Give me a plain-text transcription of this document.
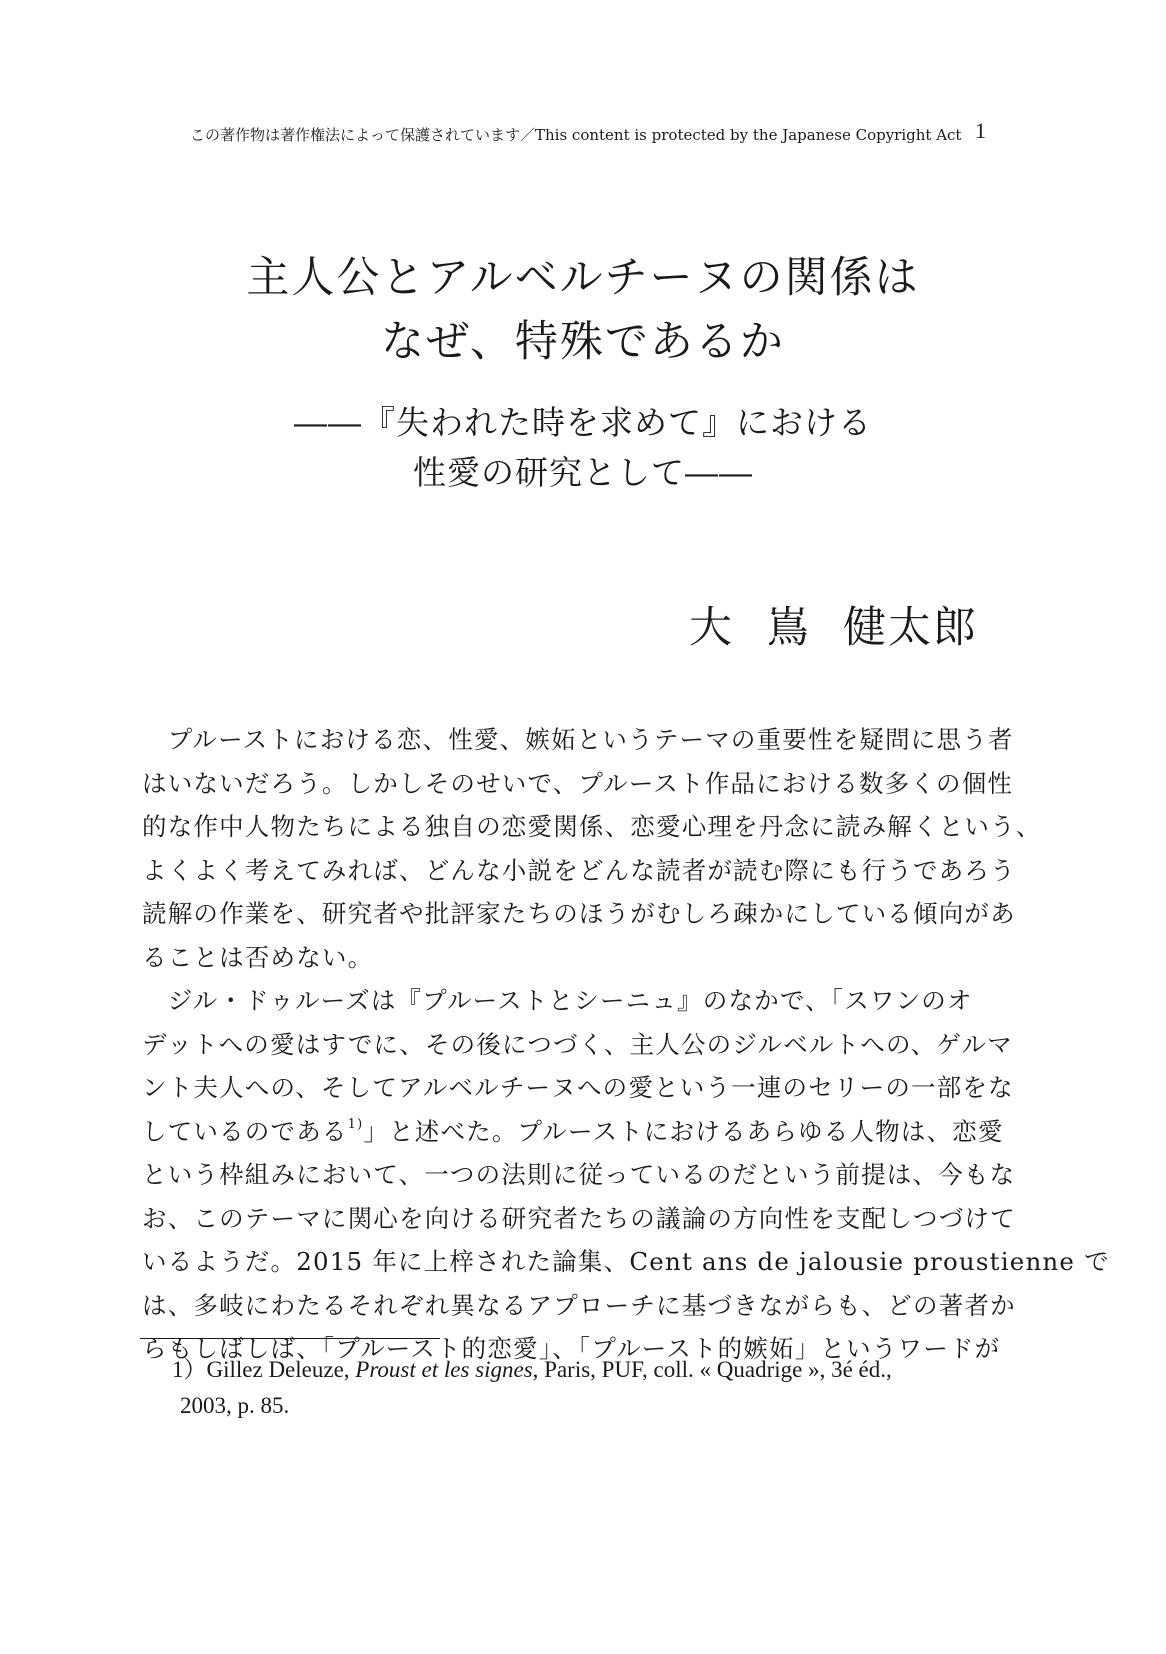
この著作物は著作権法によって保護されています／This content is protected by the Japanese Copyright Act 1
主人公とアルベルチーヌの関係は
なぜ、特殊であるか
――『失われた時を求めて』における
性愛の研究として――
大 嶌 健太郎
　プルーストにおける恋、性愛、嫉妬というテーマの重要性を疑問に思う者
はいないだろう。しかしそのせいで、プルースト作品における数多くの個性
的な作中人物たちによる独自の恋愛関係、恋愛心理を丹念に読み解くという、
よくよく考えてみれば、どんな小説をどんな読者が読む際にも行うであろう
読解の作業を、研究者や批評家たちのほうがむしろ疎かにしている傾向があ
ることは否めない。
　ジル・ドゥルーズは『プルーストとシーニュ』のなかで、「スワンのオ
デットへの愛はすでに、その後につづく、主人公のジルベルトへの、ゲルマ
ント夫人への、そしてアルベルチーヌへの愛という一連のセリーの一部をな
しているのである$^{1)}$」と述べた。プルーストにおけるあらゆる人物は、恋愛
という枠組みにおいて、一つの法則に従っているのだという前提は、今もな
お、このテーマに関心を向ける研究者たちの議論の方向性を支配しつづけて
いるようだ。2015 年に上梓された論集、Cent ans de jalousie proustienne で
は、多岐にわたるそれぞれ異なるアプローチに基づきながらも、どの著者か
らもしばしば、「プルースト的恋愛」、「プルースト的嫉妬」というワードが
1）Gillez Deleuze, Proust et les signes, Paris, PUF, coll. « Quadrige », 3é éd.,
2003, p. 85.
